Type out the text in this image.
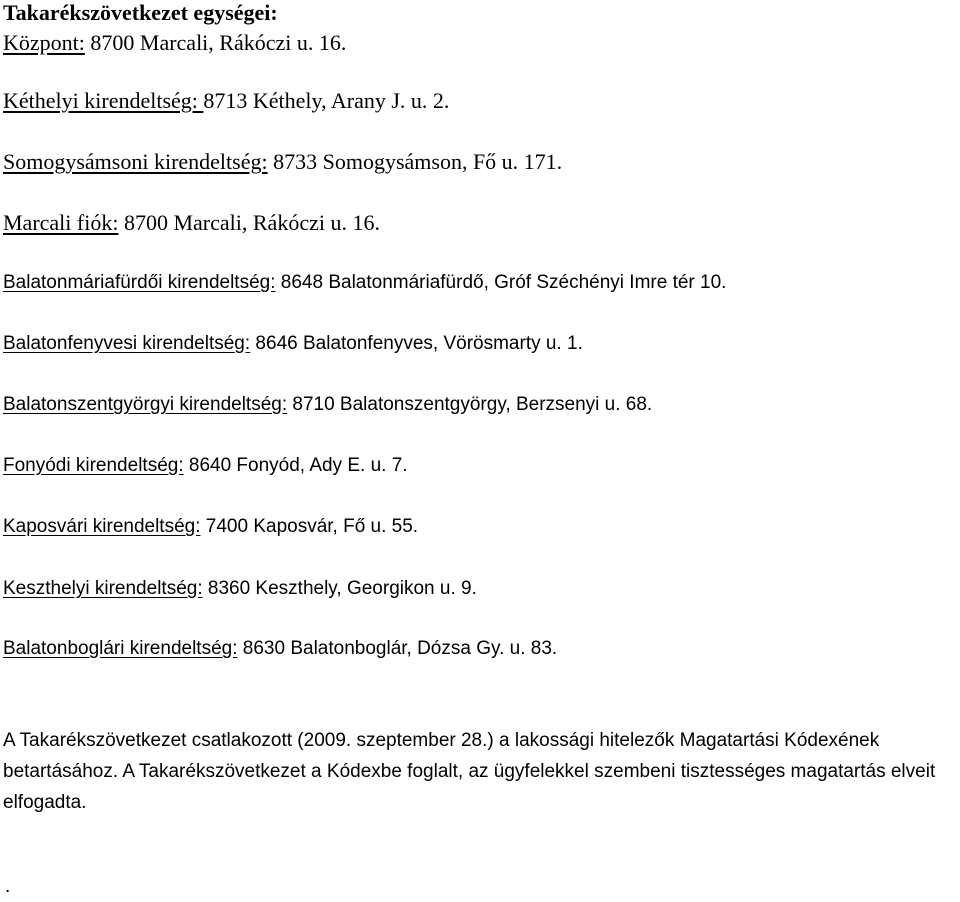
Takarékszövetkezet egységei:
Központ: 8700 Marcali, Rákóczi u. 16.
Kéthelyi kirendeltség: 8713 Kéthely, Arany J. u. 2.
Somogysámsoni kirendeltség: 8733 Somogysámson, Fő u. 171.
Marcali fiók: 8700 Marcali, Rákóczi u. 16.
Balatonmáriafürdői kirendeltség: 8648 Balatonmáriafürdő, Gróf Széchényi Imre tér 10.
Balatonfenyvesi kirendeltség: 8646 Balatonfenyves, Vörösmarty u. 1.
Balatonszentgyörgyi kirendeltség: 8710 Balatonszentgyörgy, Berzsenyi u. 68.
Fonyódi kirendeltség: 8640 Fonyód, Ady E. u. 7.
Kaposvári kirendeltség: 7400 Kaposvár, Fő u. 55.
Keszthelyi kirendeltség: 8360 Keszthely, Georgikon u. 9.
Balatonboglári kirendeltség: 8630 Balatonboglár, Dózsa Gy. u. 83.
A Takarékszövetkezet csatlakozott (2009. szeptember 28.) a lakossági hitelezők Magatartási Kódexének betartásához. A Takarékszövetkezet a Kódexbe foglalt, az ügyfelekkel szembeni tisztességes magatartás elveit elfogadta.
.
